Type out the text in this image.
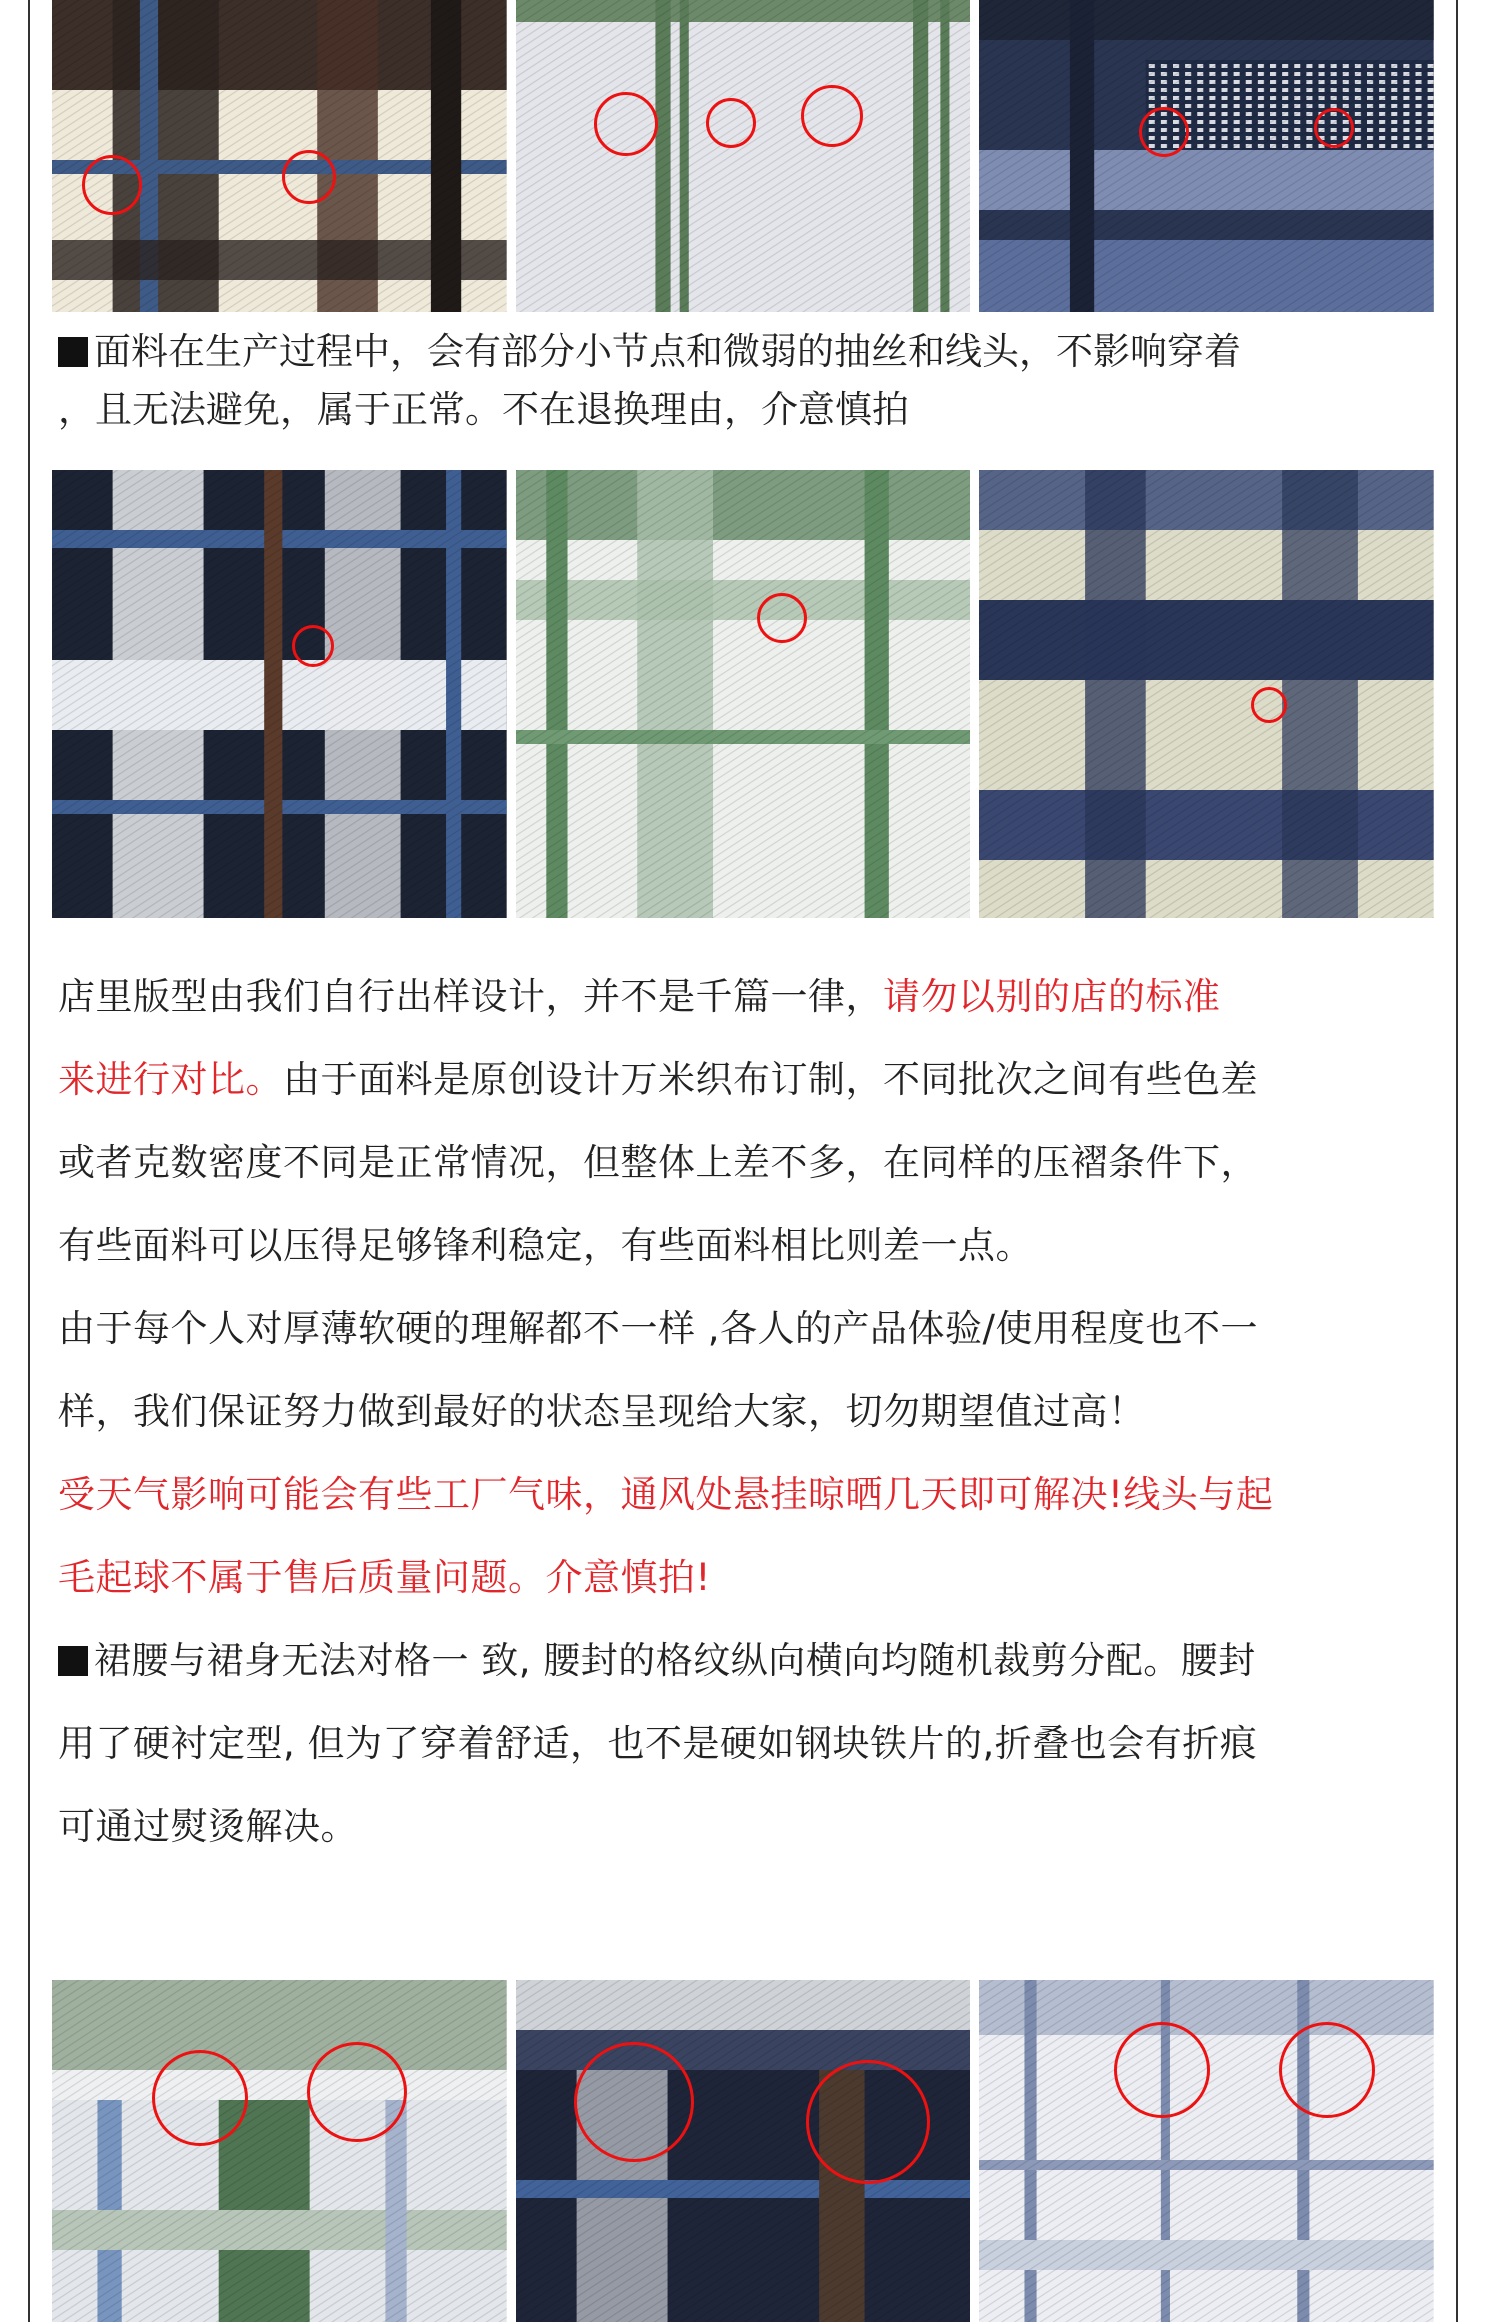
面料在生产过程中，会有部分小节点和微弱的抽丝和线头，不影响穿着
，且无法避免，属于正常。不在退换理由，介意慎拍
店里版型由我们自行出样设计，并不是千篇一律，请勿以别的店的标准
来进行对比。由于面料是原创设计万米织布订制，不同批次之间有些色差
或者克数密度不同是正常情况，但整体上差不多，在同样的压褶条件下，
有些面料可以压得足够锋利稳定，有些面料相比则差一点。
由于每个人对厚薄软硬的理解都不一样 ,各人的产品体验/使用程度也不一
样，我们保证努力做到最好的状态呈现给大家，切勿期望值过高！
受天气影响可能会有些工厂气味，通风处悬挂晾晒几天即可解决!线头与起
毛起球不属于售后质量问题。介意慎拍!
裙腰与裙身无法对格一 致, 腰封的格纹纵向横向均随机裁剪分配。腰封
用了硬衬定型, 但为了穿着舒适，也不是硬如钢块铁片的,折叠也会有折痕
可通过熨烫解决。
